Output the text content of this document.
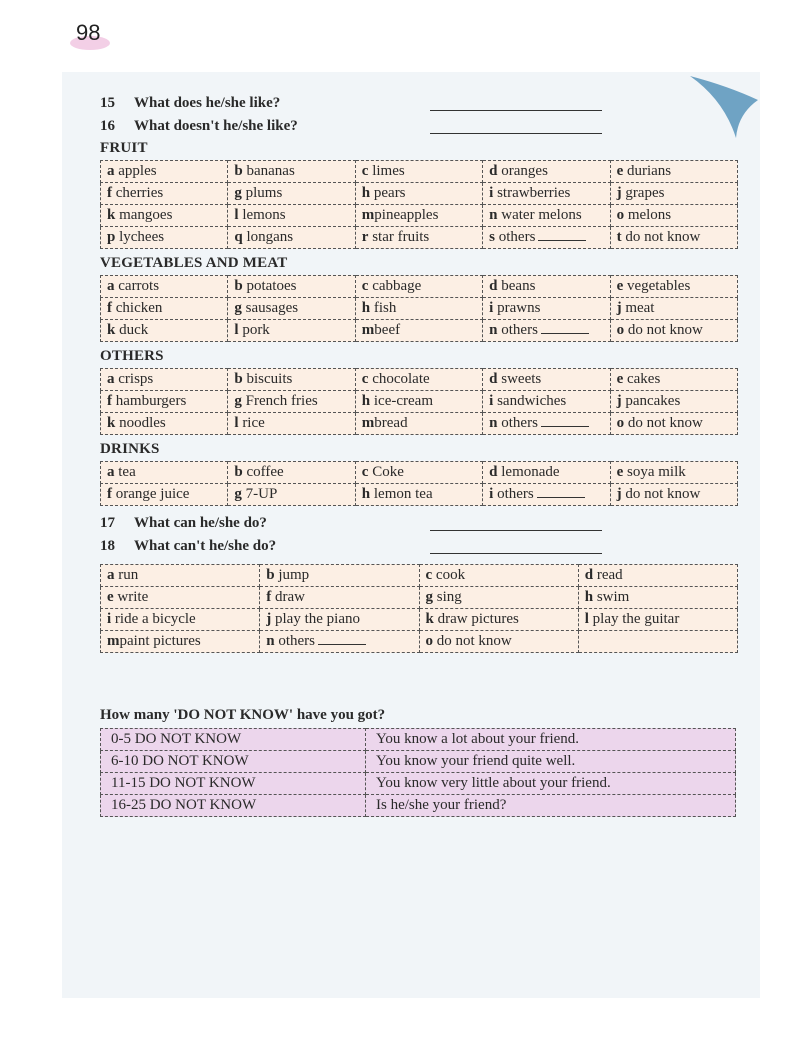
98
15	What does he/she like?
16	What doesn't he/she like?
FRUIT
a apples	b bananas	c limes	d oranges	e durians
f cherries	g plums	h pears	i strawberries	j grapes
k mangoes	l lemons	mpineapples	n water melons	o melons
p lychees	q longans	r star fruits	s others	t do not know
VEGETABLES AND MEAT
a carrots	b potatoes	c cabbage	d beans	e vegetables
f chicken	g sausages	h fish	i prawns	j meat
k duck	l pork	mbeef	n others	o do not know
OTHERS
a crisps	b biscuits	c chocolate	d sweets	e cakes
f hamburgers	g French fries	h ice-cream	i sandwiches	j pancakes
k noodles	l rice	mbread	n others	o do not know
DRINKS
a tea	b coffee	c Coke	d lemonade	e soya milk
f orange juice	g 7-UP	h lemon tea	i others	j do not know
17	What can he/she do?
18	What can't he/she do?
a run	b jump	c cook	d read
e write	f draw	g sing	h swim
i ride a bicycle	j play the piano	k draw pictures	l play the guitar
mpaint pictures	n others	o do not know	
How many 'DO NOT KNOW' have you got?
0-5 DO NOT KNOW	You know a lot about your friend.
6-10 DO NOT KNOW	You know your friend quite well.
11-15 DO NOT KNOW	You know very little about your friend.
16-25 DO NOT KNOW	Is he/she your friend?
